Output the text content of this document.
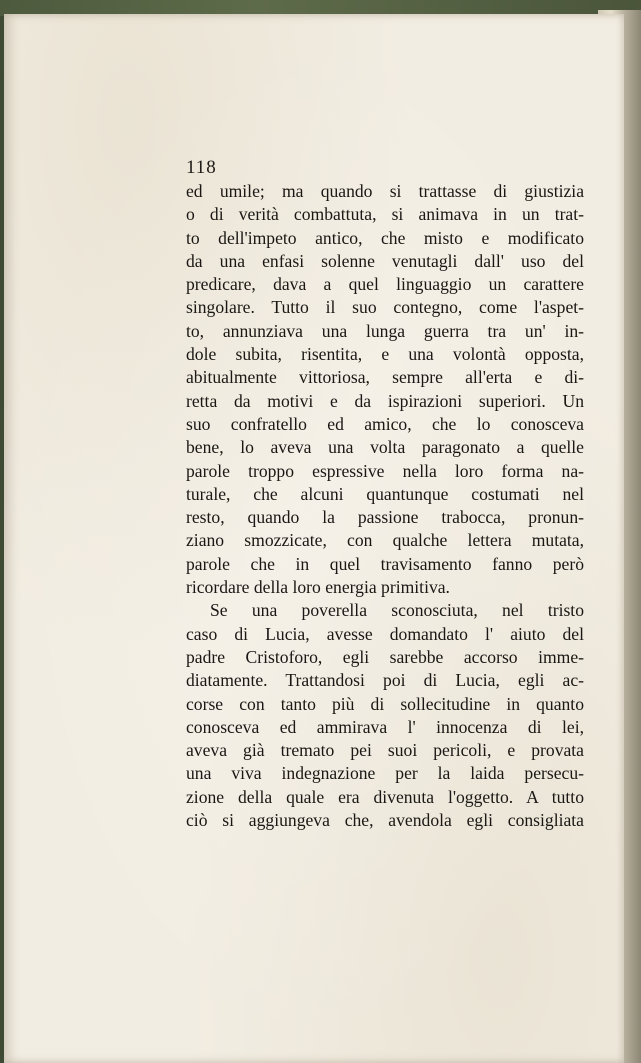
118
ed umile; ma quando si trattasse di giustizia
o di verità combattuta, si animava in un trat-
to dell'impeto antico, che misto e modificato
da una enfasi solenne venutagli dall' uso del
predicare, dava a quel linguaggio un carattere
singolare. Tutto il suo contegno, come l'aspet-
to, annunziava una lunga guerra tra un' in-
dole subita, risentita, e una volontà opposta,
abitualmente vittoriosa, sempre all'erta e di-
retta da motivi e da ispirazioni superiori. Un
suo confratello ed amico, che lo conosceva
bene, lo aveva una volta paragonato a quelle
parole troppo espressive nella loro forma na-
turale, che alcuni quantunque costumati nel
resto, quando la passione trabocca, pronun-
ziano smozzicate, con qualche lettera mutata,
parole che in quel travisamento fanno però
ricordare della loro energia primitiva.
Se una poverella sconosciuta, nel tristo
caso di Lucia, avesse domandato l' aiuto del
padre Cristoforo, egli sarebbe accorso imme-
diatamente. Trattandosi poi di Lucia, egli ac-
corse con tanto più di sollecitudine in quanto
conosceva ed ammirava l' innocenza di lei,
aveva già tremato pei suoi pericoli, e provata
una viva indegnazione per la laida persecu-
zione della quale era divenuta l'oggetto. A tutto
ciò si aggiungeva che, avendola egli consigliata
